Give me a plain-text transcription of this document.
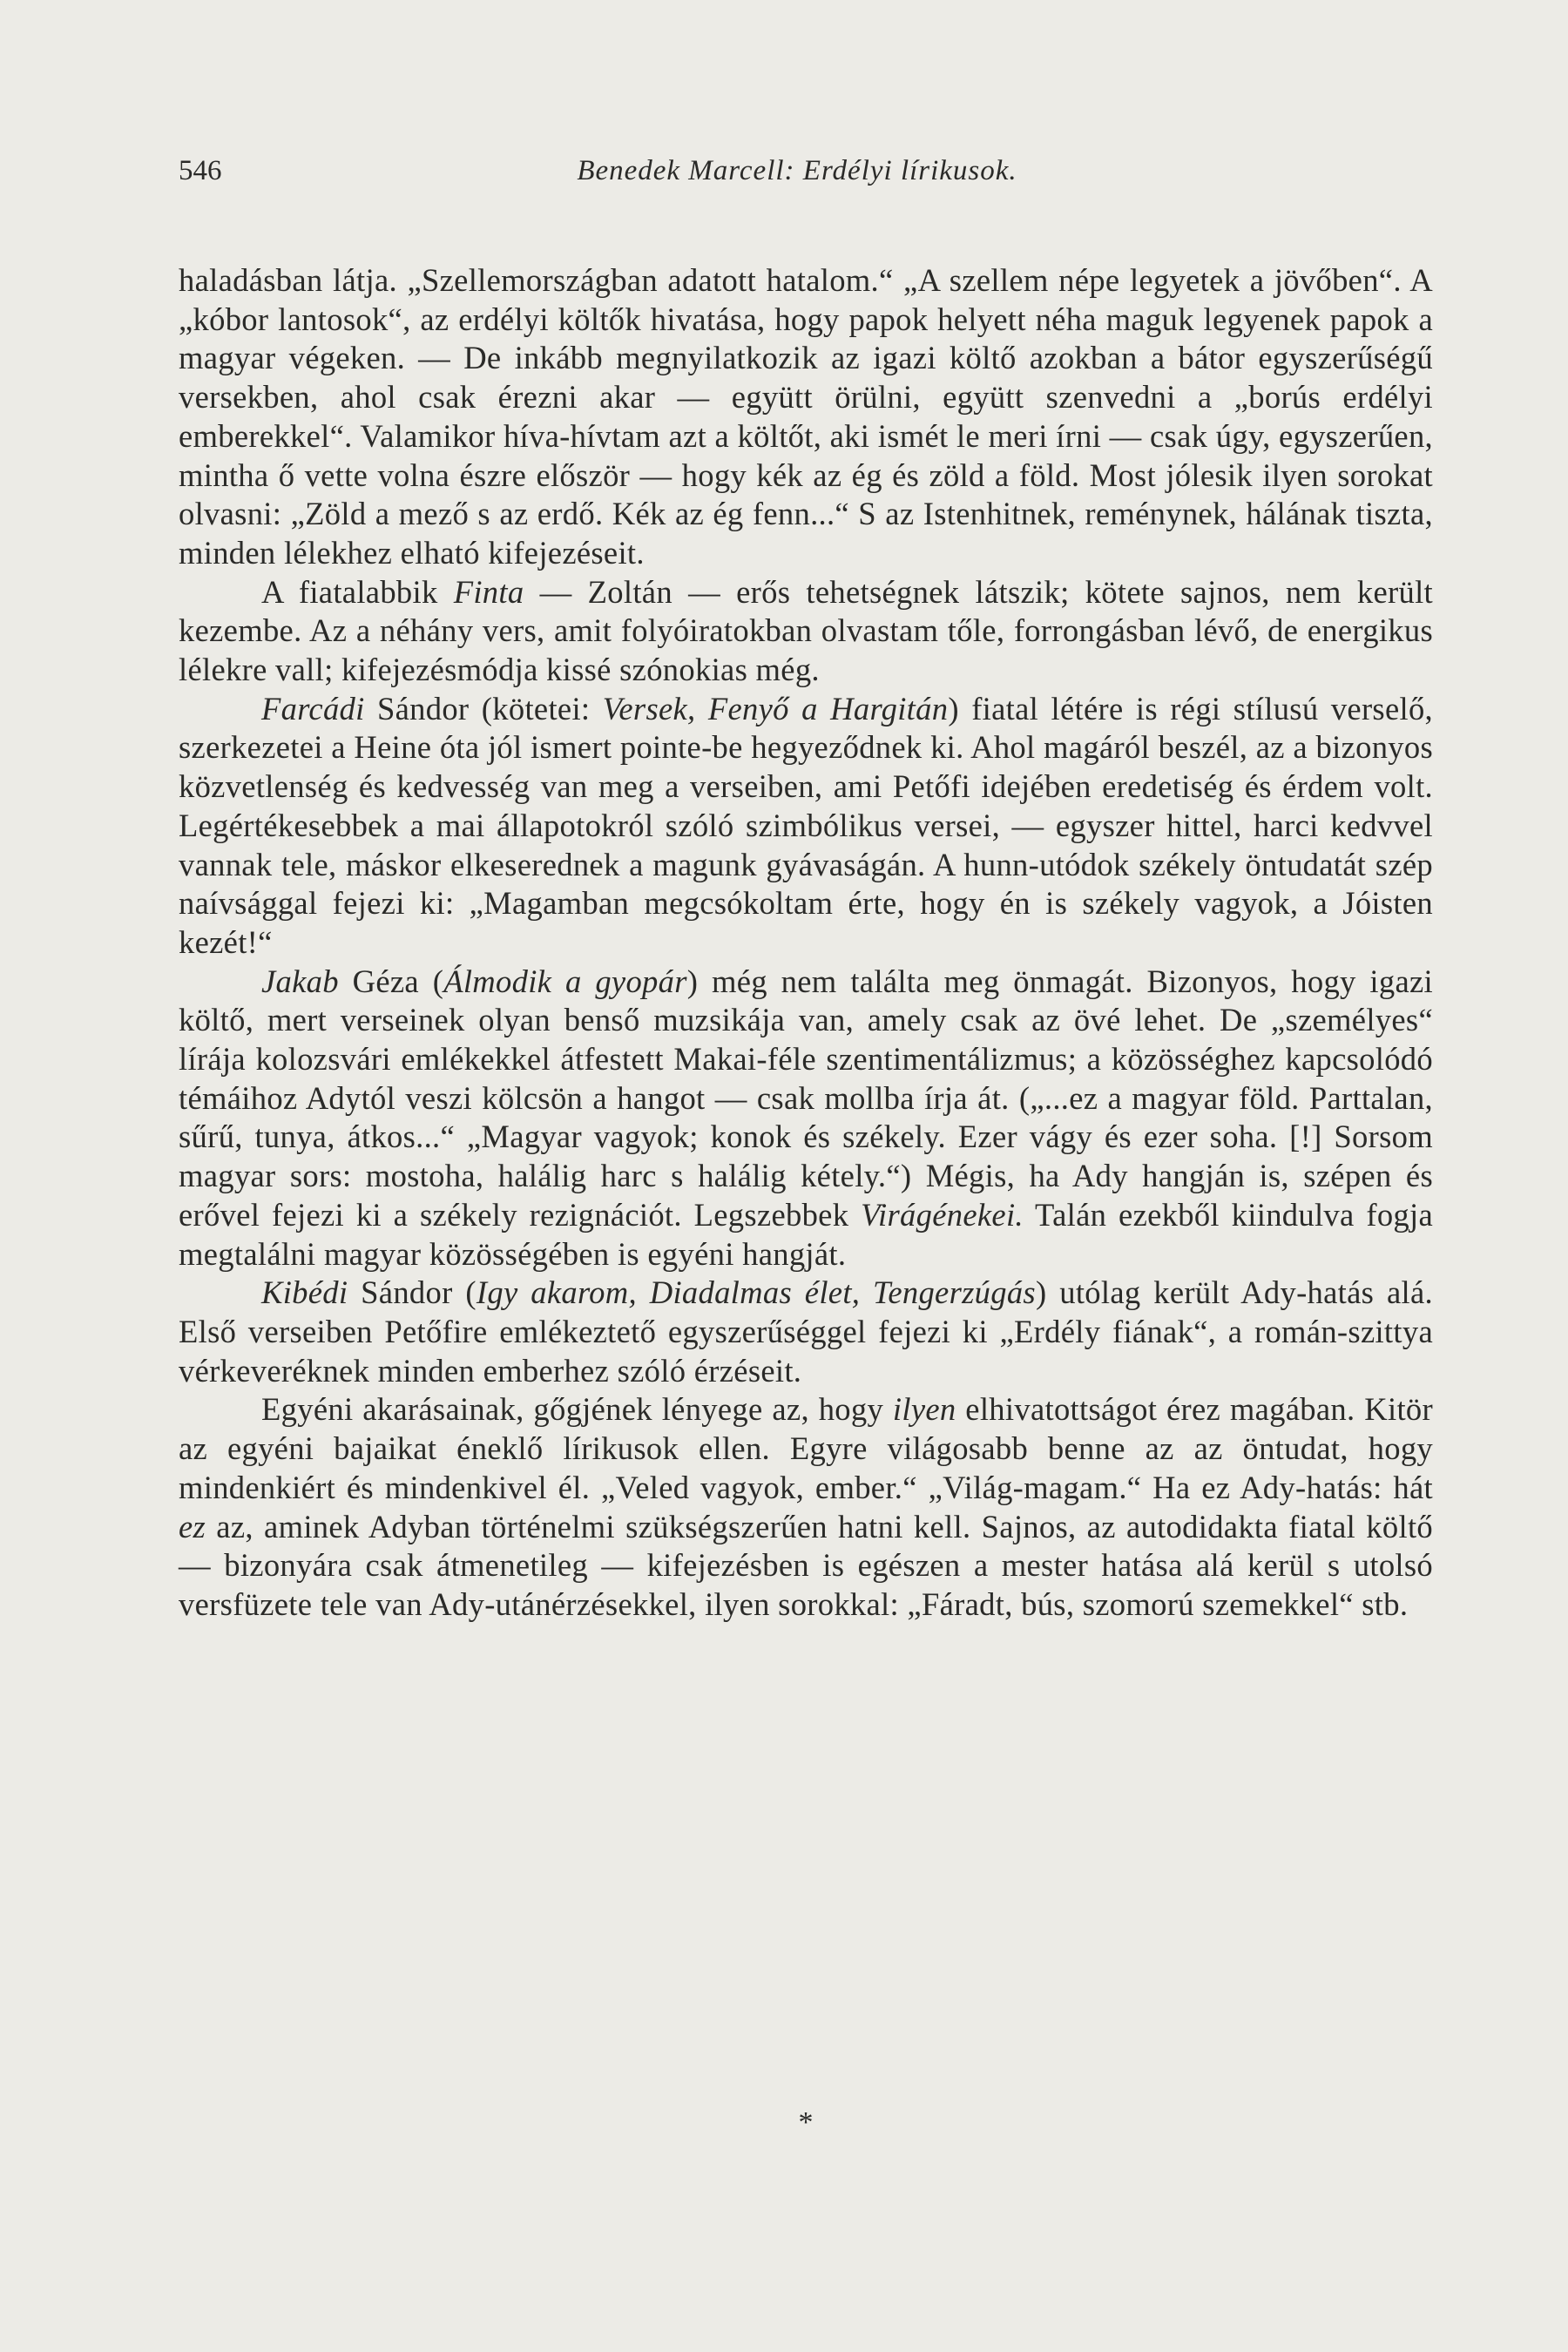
546	Benedek Marcell: Erdélyi lírikusok.

haladásban látja. „Szellemországban adatott hatalom.“ „A szellem népe legyetek a jövőben“. A „kóbor lantosok“, az erdélyi költők hivatása, hogy papok helyett néha maguk legyenek papok a magyar végeken. — De inkább megnyilatkozik az igazi költő azokban a bátor egyszerűségű versekben, ahol csak érezni akar — együtt örülni, együtt szenvedni a „borús erdélyi emberekkel“. Valamikor híva-hívtam azt a költőt, aki ismét le meri írni — csak úgy, egyszerűen, mintha ő vette volna észre először — hogy kék az ég és zöld a föld. Most jólesik ilyen sorokat olvasni: „Zöld a mező s az erdő. Kék az ég fenn...“ S az Istenhitnek, reménynek, hálának tiszta, minden lélekhez elható kifejezéseit.

A fiatalabbik Finta — Zoltán — erős tehetségnek látszik; kötete sajnos, nem került kezembe. Az a néhány vers, amit folyóiratokban olvastam tőle, forrongásban lévő, de energikus lélekre vall; kifejezésmódja kissé szónokias még.

Farcádi Sándor (kötetei: Versek, Fenyő a Hargitán) fiatal létére is régi stílusú verselő, szerkezetei a Heine óta jól ismert pointe-be hegyeződnek ki. Ahol magáról beszél, az a bizonyos közvetlenség és kedvesség van meg a verseiben, ami Petőfi idejében eredetiség és érdem volt. Legértékesebbek a mai állapotokról szóló szimbólikus versei, — egyszer hittel, harci kedvvel vannak tele, máskor elkeserednek a magunk gyávaságán. A hunn-utódok székely öntudatát szép naívsággal fejezi ki: „Magamban megcsókoltam érte, hogy én is székely vagyok, a Jóisten kezét!“

Jakab Géza (Álmodik a gyopár) még nem találta meg önmagát. Bizonyos, hogy igazi költő, mert verseinek olyan benső muzsikája van, amely csak az övé lehet. De „személyes“ lírája kolozsvári emlékekkel átfestett Makai-féle szentimentálizmus; a közösséghez kapcsolódó témáihoz Adytól veszi kölcsön a hangot — csak mollba írja át. („...ez a magyar föld. Parttalan, sűrű, tunya, átkos...“ „Magyar vagyok; konok és székely. Ezer vágy és ezer soha. [!] Sorsom magyar sors: mostoha, halálig harc s halálig kétely.“) Mégis, ha Ady hangján is, szépen és erővel fejezi ki a székely rezignációt. Legszebbek Virágénekei. Talán ezekből kiindulva fogja megtalálni magyar közösségében is egyéni hangját.

Kibédi Sándor (Igy akarom, Diadalmas élet, Tengerzúgás) utólag került Ady-hatás alá. Első verseiben Petőfire emlékeztető egyszerűséggel fejezi ki „Erdély fiának“, a román-szittya vérkeveréknek minden emberhez szóló érzéseit.

Egyéni akarásainak, gőgjének lényege az, hogy ilyen elhivatottságot érez magában. Kitör az egyéni bajaikat éneklő lírikusok ellen. Egyre világosabb benne az az öntudat, hogy mindenkiért és mindenkivel él. „Veled vagyok, ember.“ „Világ-magam.“ Ha ez Ady-hatás: hát ez az, aminek Adyban történelmi szükségszerűen hatni kell. Sajnos, az autodidakta fiatal költő — bizonyára csak átmenetileg — kifejezésben is egészen a mester hatása alá kerül s utolsó versfüzete tele van Ady-utánérzésekkel, ilyen sorokkal: „Fáradt, bús, szomorú szemekkel“ stb.

*
